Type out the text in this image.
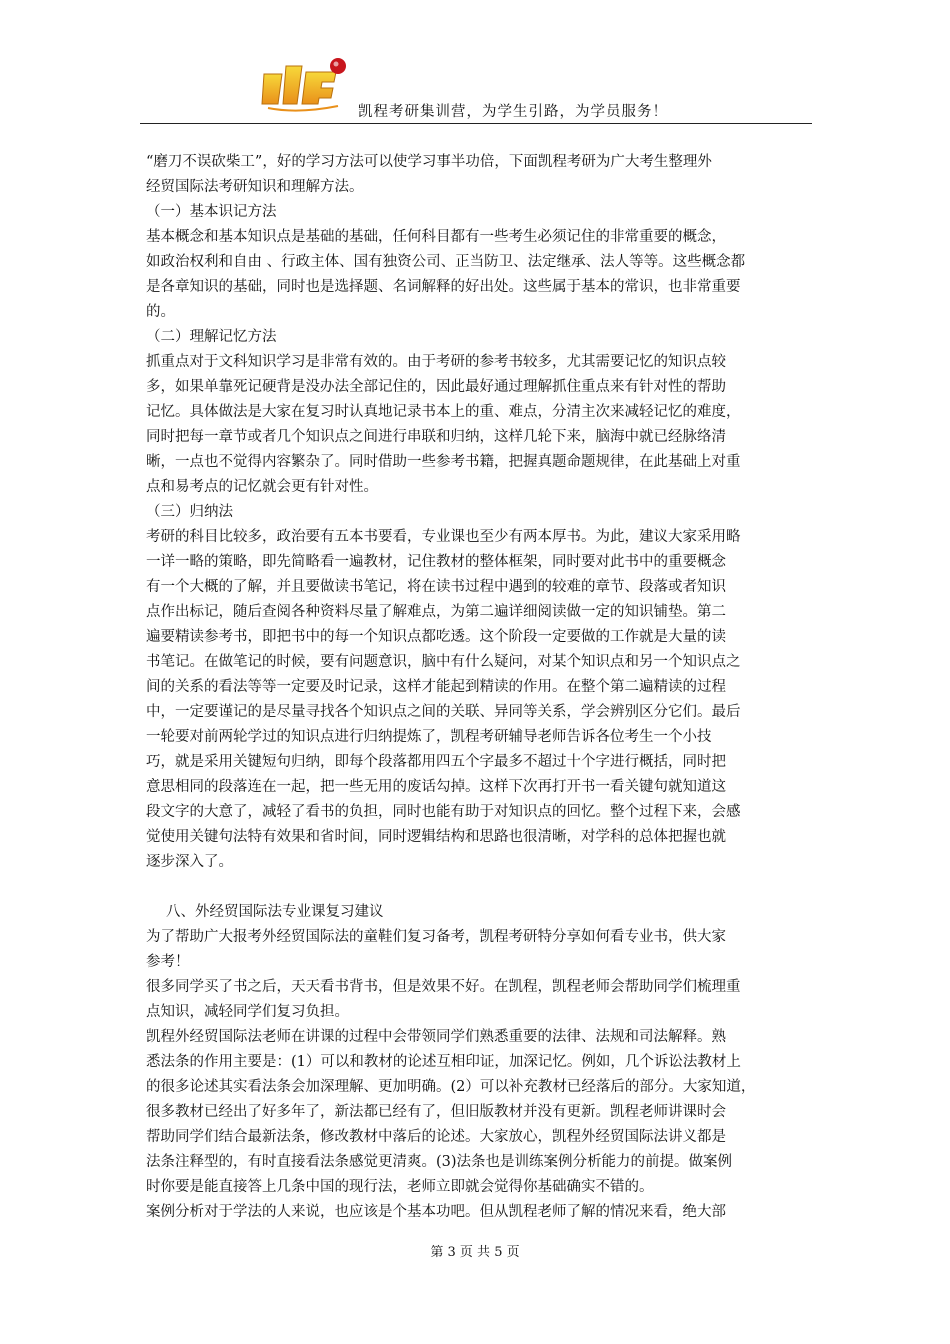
凯程考研集训营，为学生引路，为学员服务！

“磨刀不误砍柴工”，好的学习方法可以使学习事半功倍，下面凯程考研为广大考生整理外

经贸国际法考研知识和理解方法。

（一）基本识记方法

基本概念和基本知识点是基础的基础，任何科目都有一些考生必须记住的非常重要的概念，

如政治权利和自由 、行政主体、国有独资公司、正当防卫、法定继承、法人等等。这些概念都

是各章知识的基础，同时也是选择题、名词解释的好出处。这些属于基本的常识，也非常重要

的。

（二）理解记忆方法

抓重点对于文科知识学习是非常有效的。由于考研的参考书较多，尤其需要记忆的知识点较

多，如果单靠死记硬背是没办法全部记住的，因此最好通过理解抓住重点来有针对性的帮助

记忆。具体做法是大家在复习时认真地记录书本上的重、难点，分清主次来减轻记忆的难度，

同时把每一章节或者几个知识点之间进行串联和归纳，这样几轮下来，脑海中就已经脉络清

晰，一点也不觉得内容繁杂了。同时借助一些参考书籍，把握真题命题规律，在此基础上对重

点和易考点的记忆就会更有针对性。

（三）归纳法

考研的科目比较多，政治要有五本书要看，专业课也至少有两本厚书。为此，建议大家采用略

一详一略的策略，即先简略看一遍教材，记住教材的整体框架，同时要对此书中的重要概念

有一个大概的了解，并且要做读书笔记，将在读书过程中遇到的较难的章节、段落或者知识

点作出标记，随后查阅各种资料尽量了解难点，为第二遍详细阅读做一定的知识铺垫。第二

遍要精读参考书，即把书中的每一个知识点都吃透。这个阶段一定要做的工作就是大量的读

书笔记。在做笔记的时候，要有问题意识，脑中有什么疑问，对某个知识点和另一个知识点之

间的关系的看法等等一定要及时记录，这样才能起到精读的作用。在整个第二遍精读的过程

中，一定要谨记的是尽量寻找各个知识点之间的关联、异同等关系，学会辨别区分它们。最后

一轮要对前两轮学过的知识点进行归纳提炼了，凯程考研辅导老师告诉各位考生一个小技

巧，就是采用关键短句归纳，即每个段落都用四五个字最多不超过十个字进行概括，同时把

意思相同的段落连在一起，把一些无用的废话勾掉。这样下次再打开书一看关键句就知道这

段文字的大意了，减轻了看书的负担，同时也能有助于对知识点的回忆。整个过程下来，会感

觉使用关键句法特有效果和省时间，同时逻辑结构和思路也很清晰，对学科的总体把握也就

逐步深入了。

八、外经贸国际法专业课复习建议

为了帮助广大报考外经贸国际法的童鞋们复习备考，凯程考研特分享如何看专业书，供大家

参考！

很多同学买了书之后，天天看书背书，但是效果不好。在凯程，凯程老师会帮助同学们梳理重

点知识，减轻同学们复习负担。

凯程外经贸国际法老师在讲课的过程中会带领同学们熟悉重要的法律、法规和司法解释。熟

悉法条的作用主要是：(1）可以和教材的论述互相印证，加深记忆。例如，几个诉讼法教材上

的很多论述其实看法条会加深理解、更加明确。(2）可以补充教材已经落后的部分。大家知道，

很多教材已经出了好多年了，新法都已经有了，但旧版教材并没有更新。凯程老师讲课时会

帮助同学们结合最新法条，修改教材中落后的论述。大家放心，凯程外经贸国际法讲义都是

法条注释型的，有时直接看法条感觉更清爽。(3)法条也是训练案例分析能力的前提。做案例

时你要是能直接答上几条中国的现行法，老师立即就会觉得你基础确实不错的。

案例分析对于学法的人来说，也应该是个基本功吧。但从凯程老师了解的情况来看，绝大部

第 3 页 共 5 页
